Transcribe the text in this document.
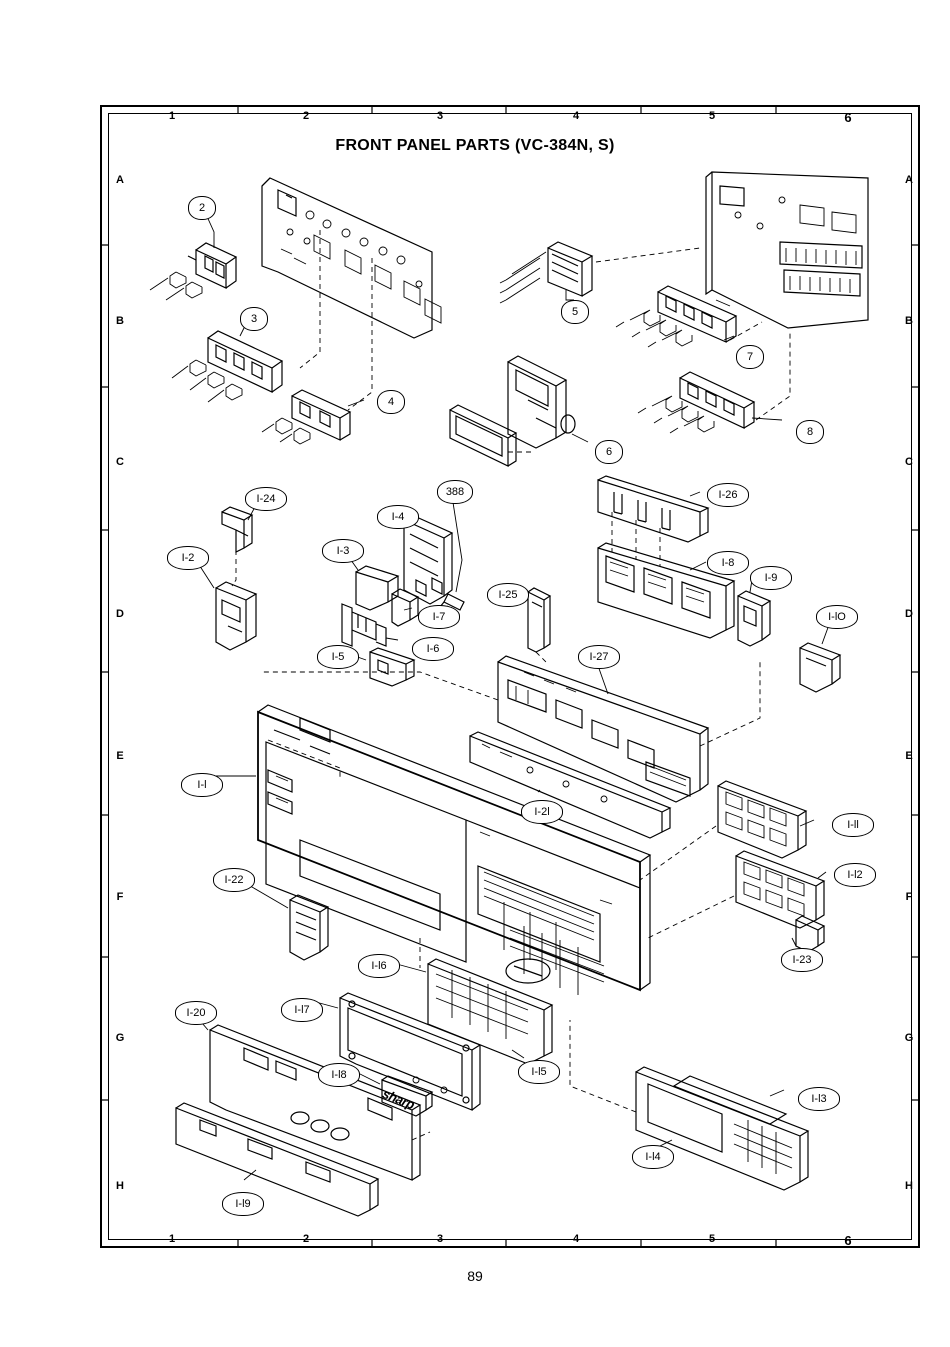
1	2	3	4	5	6
1	2	3	4	5	6
A
B
C
D
E
F
G
H
A
B
C
D
E
F
G
H
FRONT PANEL PARTS (VC-384N, S)
89
2
3
4
5
6
7
8
I-24
I-4
388	I-26
I-2
I-3
I-8
I-9
I-lO
I-25
I-7
I-6
I-5	I-27
I-l
I-2l
I-ll
I-22	I-l2
I-23
I-l6
I-l7
I-20
I-l8	I-l5
I-l3
I-l4
I-l9
sharp
